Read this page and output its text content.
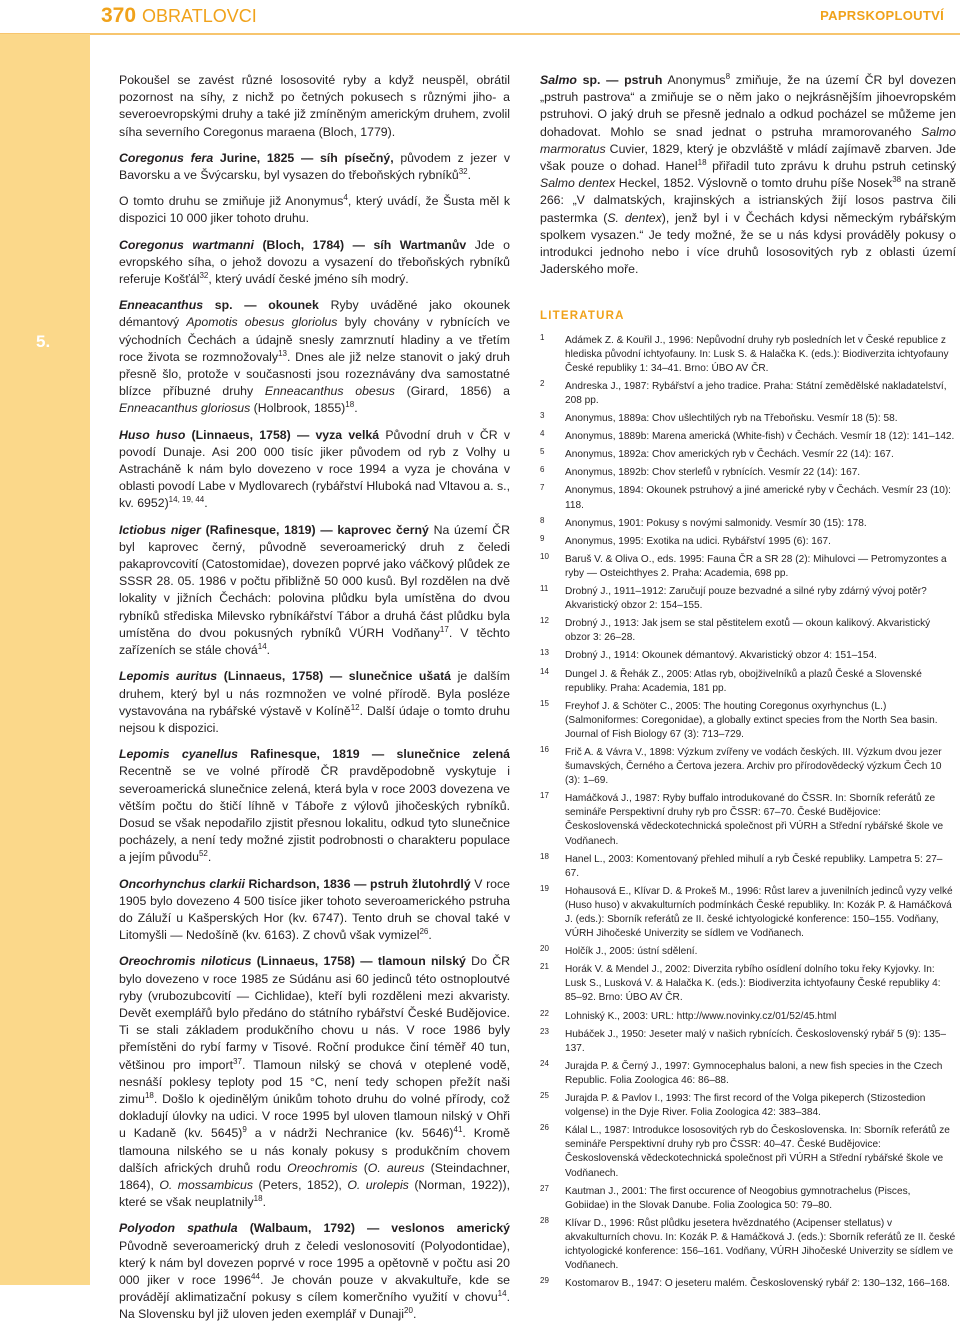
370 OBRATLOVCI	PAPRSKOPLOUTVÍ
5.

Pokoušel se zavést různé lososovité ryby a když neuspěl, obrátil pozornost na síhy, z nichž po četných pokusech s různými jiho- a severoevropskými druhy a také již zmíněným americkým druhem, zvolil síha severního Coregonus maraena (Bloch, 1779).

Coregonus fera Jurine, 1825 — síh písečný, původem z jezer v Bavorsku a ve Švýcarsku, byl vysazen do třeboňských rybníků$^{32}$.

O tomto druhu se zmiňuje již Anonymus$^4$, který uvádí, že Šusta měl k dispozici 10 000 jiker tohoto druhu.

Coregonus wartmanni (Bloch, 1784) — síh Wartmanův Jde o evropského síha, o jehož dovozu a vysazení do třeboňských rybníků referuje Košťál$^{32}$, který uvádí české jméno síh modrý.

Enneacanthus sp. — okounek Ryby uváděné jako okounek démantový Apomotis obesus gloriolus byly chovány v rybnících ve východních Čechách a údajně snesly zamrznutí hladiny a ve třetím roce života se rozmnožovaly$^{13}$. Dnes ale již nelze stanovit o jaký druh přesně šlo, protože v současnosti jsou rozeznávány dva samostatné blízce příbuzné druhy Enneacanthus obesus (Girard, 1856) a Enneacanthus gloriosus (Holbrook, 1855)$^{18}$.

Huso huso (Linnaeus, 1758) — vyza velká Původní druh v ČR v povodí Dunaje. Asi 200 000 tisíc jiker původem od ryb z Volhy u Astracháně k nám bylo dovezeno v roce 1994 a vyza je chována v oblasti povodí Labe v Mydlovarech (rybářství Hluboká nad Vltavou a. s., kv. 6952)$^{14, 19, 44}$.

Ictiobus niger (Rafinesque, 1819) — kaprovec černý Na území ČR byl kaprovec černý, původně severoamerický druh z čeledi pakaprovcovití (Catostomidae), dovezen poprvé jako váčkový plůdek ze SSSR 28. 05. 1986 v počtu přibližně 50 000 kusů. Byl rozdělen na dvě lokality v jižních Čechách: polovina plůdku byla umístěna do dvou rybníků střediska Milevsko rybníkářství Tábor a druhá část plůdku byla umístěna do dvou pokusných rybníků VÚRH Vodňany$^{17}$. V těchto zařízeních se stále chová$^{14}$.

Lepomis auritus (Linnaeus, 1758) — slunečnice ušatá je dalším druhem, který byl u nás rozmnožen ve volné přírodě. Byla posléze vystavována na rybářské výstavě v Kolíně$^{12}$. Další údaje o tomto druhu nejsou k dispozici.

Lepomis cyanellus Rafinesque, 1819 — slunečnice zelená Recentně se ve volné přírodě ČR pravděpodobně vyskytuje i severoamerická slunečnice zelená, která byla v roce 2003 dovezena ve větším počtu do štičí líhně v Táboře z výlovů jihočeských rybníků. Dosud se však nepodařilo zjistit přesnou lokalitu, odkud tyto slunečnice pocházely, a není tedy možné zjistit podrobnosti o charakteru populace a jejím původu$^{52}$.

Oncorhynchus clarkii Richardson, 1836 — pstruh žlutohrdlý V roce 1905 bylo dovezeno 4 500 tisíce jiker tohoto severoamerického pstruha do Záluží u Kašperských Hor (kv. 6747). Tento druh se choval také v Litomyšli — Nedošíně (kv. 6163). Z chovů však vymizel$^{26}$.

Oreochromis niloticus (Linnaeus, 1758) — tlamoun nilský Do ČR bylo dovezeno v roce 1985 ze Súdánu asi 60 jedinců této ostnoploutvé ryby (vrubozubcovití — Cichlidae), kteří byli rozděleni mezi akvaristy. Devět exemplářů bylo předáno do státního rybářství České Budějovice. Ti se stali základem produkčního chovu u nás. V roce 1986 byly přemístěni do rybí farmy v Tisové. Roční produkce činí téměř 40 tun, většinou pro import$^{37}$. Tlamoun nilský se chová v oteplené vodě, nesnáší poklesy teploty pod 15 °C, není tedy schopen přežít naši zimu$^{18}$. Došlo k ojedinělým únikům tohoto druhu do volné přírody, což dokladují úlovky na udici. V roce 1995 byl uloven tlamoun nilský v Ohři u Kadaně (kv. 5645)$^9$ a v nádrži Nechranice (kv. 5646)$^{41}$. Kromě tlamouna nilského se u nás konaly pokusy s produkčním chovem dalších afrických druhů rodu Oreochromis (O. aureus (Steindachner, 1864), O. mossambicus (Peters, 1852), O. urolepis (Norman, 1922)), které se však neuplatnily$^{18}$.

Polyodon spathula (Walbaum, 1792) — veslonos americký Původně severoamerický druh z čeledi veslonosovití (Polyodontidae), který k nám byl dovezen poprvé v roce 1995 a opětovně v počtu asi 20 000 jiker v roce 1996$^{44}$. Je chován pouze v akvakultuře, kde se provádějí aklimatizační pokusy s cílem komerčního využití v chovu$^{14}$. Na Slovensku byl již uloven jeden exemplář v Dunaji$^{20}$.

Salmo sp. — pstruh Anonymus$^8$ zmiňuje, že na území ČR byl dovezen „pstruh pastrova“ a zmiňuje se o něm jako o nejkrásnějším jihoevropském pstruhovi. O jaký druh se přesně jednalo a odkud pocházel se můžeme jen dohadovat. Mohlo se snad jednat o pstruha mramorovaného Salmo marmoratus Cuvier, 1829, který je obzvláště v mládí zajímavě zbarven. Jde však pouze o dohad. Hanel$^{18}$ přiřadil tuto zprávu k druhu pstruh cetinský Salmo dentex Heckel, 1852. Výslovně o tomto druhu píše Nosek$^{38}$ na straně 266: „V dalmatských, krajinských a istrianských žijí losos pastrva čili pastermka (S. dentex), jenž byl i v Čechách kdysi německým rybářským spolkem vysazen.“ Je tedy možné, že se u nás kdysi prováděly pokusy o introdukci jednoho nebo i více druhů lososovitých ryb z oblasti území Jaderského moře.

LITERATURA
1 Adámek Z. & Kouřil J., 1996: Nepůvodní druhy ryb posledních let v České republice z hlediska původní ichtyofauny. In: Lusk S. & Halačka K. (eds.): Biodiverzita ichtyofauny České republiky 1: 34–41. Brno: ÚBO AV ČR.
2 Andreska J., 1987: Rybářství a jeho tradice. Praha: Státní zemědělské nakladatelství, 208 pp.
3 Anonymus, 1889a: Chov ušlechtilých ryb na Třeboňsku. Vesmír 18 (5): 58.
4 Anonymus, 1889b: Marena americká (White-fish) v Čechách. Vesmír 18 (12): 141–142.
5 Anonymus, 1892a: Chov amerických ryb v Čechách. Vesmír 22 (14): 167.
6 Anonymus, 1892b: Chov sterlefů v rybnících. Vesmír 22 (14): 167.
7 Anonymus, 1894: Okounek pstruhový a jiné americké ryby v Čechách. Vesmír 23 (10): 118.
8 Anonymus, 1901: Pokusy s novými salmonidy. Vesmír 30 (15): 178.
9 Anonymus, 1995: Exotika na udici. Rybářství 1995 (6): 167.
10 Baruš V. & Oliva O., eds. 1995: Fauna ČR a SR 28 (2): Mihulovci — Petromyzontes a ryby — Osteichthyes 2. Praha: Academia, 698 pp.
11 Drobný J., 1911–1912: Zaručují pouze bezvadné a silné ryby zdárný vývoj potěr? Akvaristický obzor 2: 154–155.
12 Drobný J., 1913: Jak jsem se stal pěstitelem exotů — okoun kalikový. Akvaristický obzor 3: 26–28.
13 Drobný J., 1914: Okounek démantový. Akvaristický obzor 4: 151–154.
14 Dungel J. & Řehák Z., 2005: Atlas ryb, obojživelníků a plazů České a Slovenské republiky. Praha: Academia, 181 pp.
15 Freyhof J. & Schöter C., 2005: The houting Coregonus oxyrhynchus (L.) (Salmoniformes: Coregonidae), a globally extinct species from the North Sea basin. Journal of Fish Biology 67 (3): 713–729.
16 Frič A. & Vávra V., 1898: Výzkum zvířeny ve vodách českých. III. Výzkum dvou jezer šumavských, Černého a Čertova jezera. Archiv pro přírodovědecký výzkum Čech 10 (3): 1–69.
17 Hamáčková J., 1987: Ryby buffalo introdukované do ČSSR. In: Sborník referátů ze semináře Perspektivní druhy ryb pro ČSSR: 67–70. České Budějovice: Československá vědeckotechnická společnost při VÚRH a Střední rybářské škole ve Vodňanech.
18 Hanel L., 2003: Komentovaný přehled mihulí a ryb České republiky. Lampetra 5: 27–67.
19 Hohausová E., Klívar D. & Prokeš M., 1996: Růst larev a juvenilních jedinců vyzy velké (Huso huso) v akvakulturních podmínkách České republiky. In: Kozák P. & Hamáčková J. (eds.): Sborník referátů ze II. české ichtyologické konference: 150–155. Vodňany, VÚRH Jihočeské Univerzity se sídlem ve Vodňanech.
20 Holčík J., 2005: ústní sdělení.
21 Horák V. & Mendel J., 2002: Diverzita rybího osídlení dolního toku řeky Kyjovky. In: Lusk S., Lusková V. & Halačka K. (eds.): Biodiverzita ichtyofauny České republiky 4: 85–92. Brno: ÚBO AV ČR.
22 Lohniský K., 2003: URL: http://www.novinky.cz/01/52/45.html
23 Hubáček J., 1950: Jeseter malý v našich rybnících. Československý rybář 5 (9): 135–137.
24 Jurajda P. & Černý J., 1997: Gymnocephalus baloni, a new fish species in the Czech Republic. Folia Zoologica 46: 86–88.
25 Jurajda P. & Pavlov I., 1993: The first record of the Volga pikeperch (Stizostedion volgense) in the Dyje River. Folia Zoologica 42: 383–384.
26 Kálal L., 1987: Introdukce lososovitých ryb do Československa. In: Sborník referátů ze semináře Perspektivní druhy ryb pro ČSSR: 40–47. České Budějovice: Československá vědeckotechnická společnost při VÚRH a Střední rybářské škole ve Vodňanech.
27 Kautman J., 2001: The first occurence of Neogobius gymnotrachelus (Pisces, Gobiidae) in the Slovak Danube. Folia Zoologica 50: 79–80.
28 Klívar D., 1996: Růst plůdku jesetera hvězdnatého (Acipenser stellatus) v akvakulturních chovu. In: Kozák P. & Hamáčková J. (eds.): Sborník referátů ze II. české ichtyologické konference: 156–161. Vodňany, VÚRH Jihočeské Univerzity se sídlem ve Vodňanech.
29 Kostomarov B., 1947: O jeseteru malém. Československý rybář 2: 130–132, 166–168.
